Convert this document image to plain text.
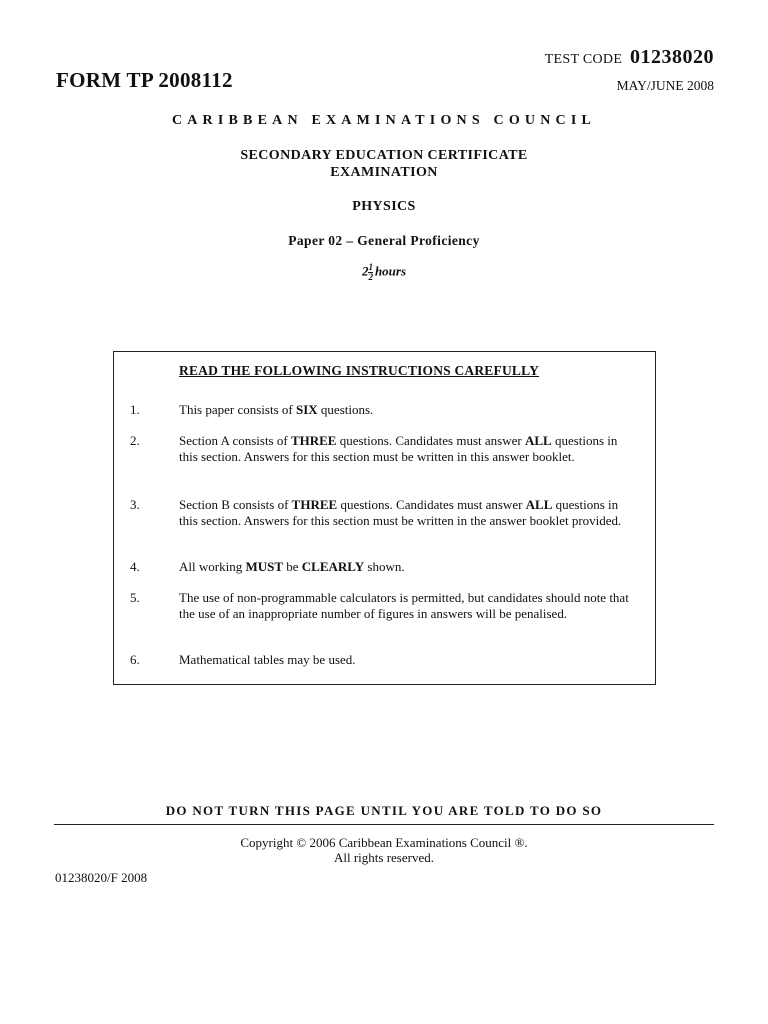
TEST CODE 01238020
FORM TP 2008112	MAY/JUNE 2008
CARIBBEAN EXAMINATIONS COUNCIL
SECONDARY EDUCATION CERTIFICATE
EXAMINATION
PHYSICS
Paper 02 – General Proficiency
$2 \frac{1}{2}$ hours
READ THE FOLLOWING INSTRUCTIONS CAREFULLY
1.	This paper consists of SIX questions.
2.	Section A consists of THREE questions. Candidates must answer ALL questions in this section. Answers for this section must be written in this answer booklet.
3.	Section B consists of THREE questions. Candidates must answer ALL questions in this section. Answers for this section must be written in the answer booklet provided.
4.	All working MUST be CLEARLY shown.
5.	The use of non-programmable calculators is permitted, but candidates should note that the use of an inappropriate number of figures in answers will be penalised.
6.	Mathematical tables may be used.
DO NOT TURN THIS PAGE UNTIL YOU ARE TOLD TO DO SO
Copyright © 2006 Caribbean Examinations Council ®.
All rights reserved.
01238020/F 2008
